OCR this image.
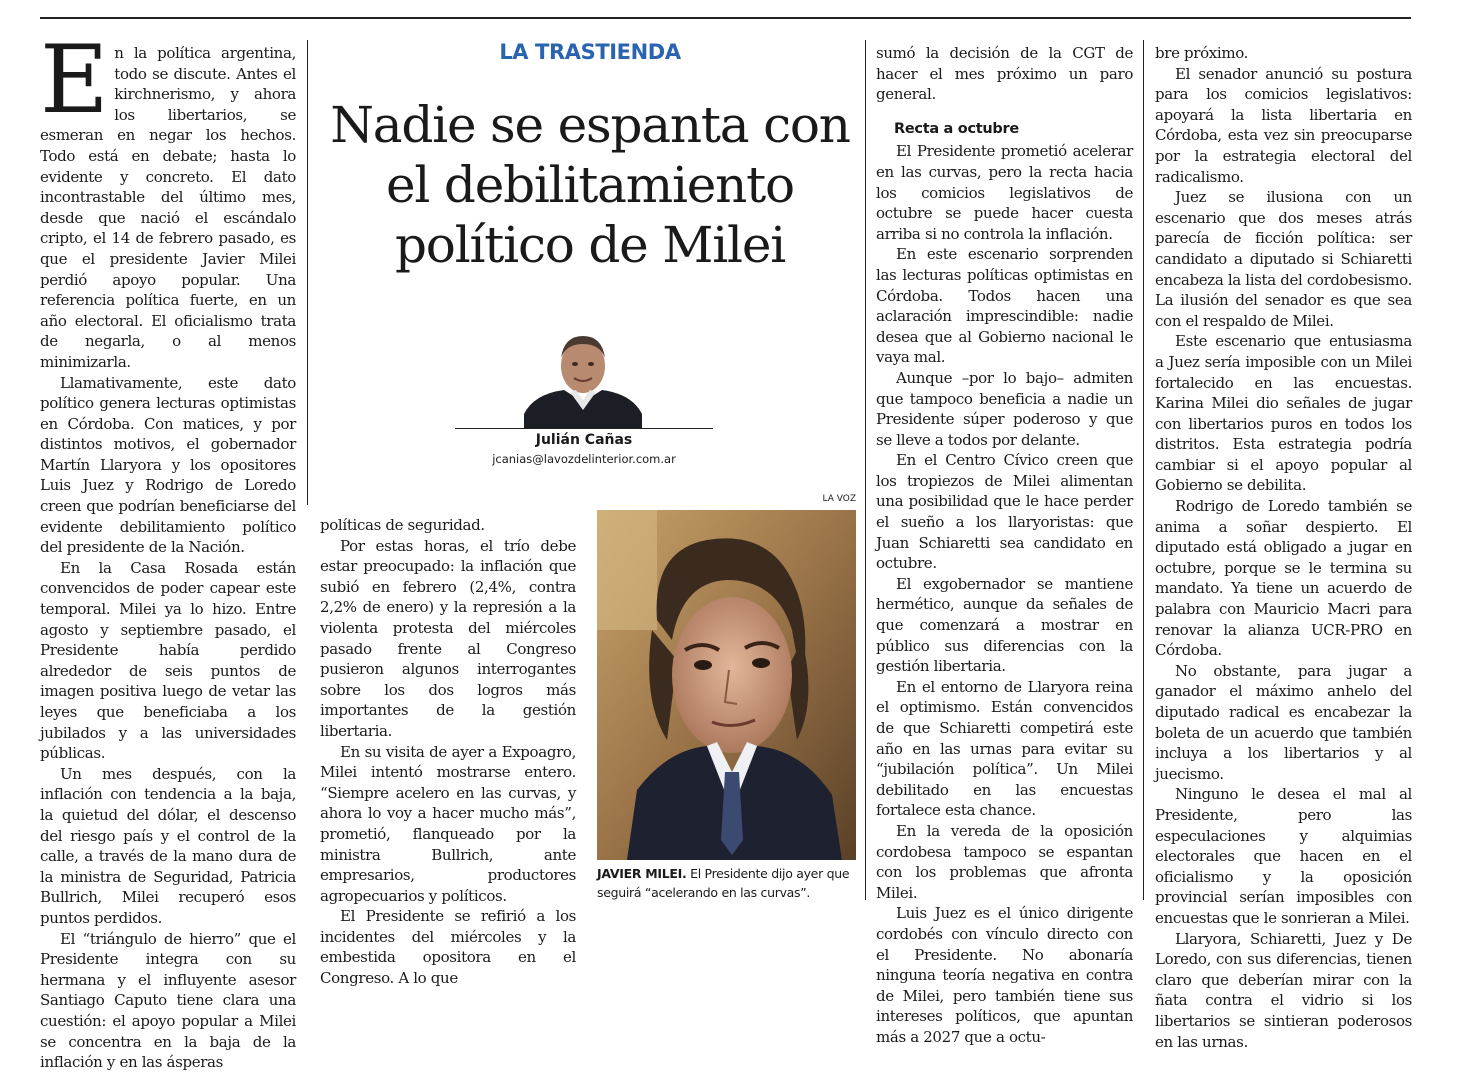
En la política argentina, todo se discute. Antes el kirchnerismo, y ahora los libertarios, se esmeran en negar los hechos. Todo está en debate; hasta lo evidente y concreto. El dato incontrastable del último mes, desde que nació el escándalo cripto, el 14 de febrero pasado, es que el presidente Javier Milei perdió apoyo popular. Una referencia política fuerte, en un año electoral. El oficialismo trata de negarla, o al menos minimizarla.

Llamativamente, este dato político genera lecturas optimistas en Córdoba. Con matices, y por distintos motivos, el gobernador Martín Llaryora y los opositores Luis Juez y Rodrigo de Loredo creen que podrían beneficiarse del evidente debilitamiento político del presidente de la Nación.

En la Casa Rosada están convencidos de poder capear este temporal. Milei ya lo hizo. Entre agosto y septiembre pasado, el Presidente había perdido alrededor de seis puntos de imagen positiva luego de vetar las leyes que beneficiaba a los jubilados y a las universidades públicas.

Un mes después, con la inflación con tendencia a la baja, la quietud del dólar, el descenso del riesgo país y el control de la calle, a través de la mano dura de la ministra de Seguridad, Patricia Bullrich, Milei recuperó esos puntos perdidos.

El “triángulo de hierro” que el Presidente integra con su hermana y el influyente asesor Santiago Caputo tiene clara una cuestión: el apoyo popular a Milei se concentra en la baja de la inflación y en las ásperas

LA TRASTIENDA
Nadie se espanta con el debilitamiento político de Milei
Julián Cañas
jcanias@lavozdelinterior.com.ar

políticas de seguridad.

Por estas horas, el trío debe estar preocupado: la inflación que subió en febrero (2,4%, contra 2,2% de enero) y la represión a la violenta protesta del miércoles pasado frente al Congreso pusieron algunos interrogantes sobre los dos logros más importantes de la gestión libertaria.

En su visita de ayer a Expoagro, Milei intentó mostrarse entero. “Siempre acelero en las curvas, y ahora lo voy a hacer mucho más”, prometió, flanqueado por la ministra Bullrich, ante empresarios, productores agropecuarios y políticos.

El Presidente se refirió a los incidentes del miércoles y la embestida opositora en el Congreso. A lo que

LA VOZ
JAVIER MILEI. El Presidente dijo ayer que seguirá “acelerando en las curvas”.

sumó la decisión de la CGT de hacer el mes próximo un paro general.

Recta a octubre

El Presidente prometió acelerar en las curvas, pero la recta hacia los comicios legislativos de octubre se puede hacer cuesta arriba si no controla la inflación.

En este escenario sorprenden las lecturas políticas optimistas en Córdoba. Todos hacen una aclaración imprescindible: nadie desea que al Gobierno nacional le vaya mal.

Aunque –por lo bajo– admiten que tampoco beneficia a nadie un Presidente súper poderoso y que se lleve a todos por delante.

En el Centro Cívico creen que los tropiezos de Milei alimentan una posibilidad que le hace perder el sueño a los llaryoristas: que Juan Schiaretti sea candidato en octubre.

El exgobernador se mantiene hermético, aunque da señales de que comenzará a mostrar en público sus diferencias con la gestión libertaria.

En el entorno de Llaryora reina el optimismo. Están convencidos de que Schiaretti competirá este año en las urnas para evitar su “jubilación política”. Un Milei debilitado en las encuestas fortalece esta chance.

En la vereda de la oposición cordobesa tampoco se espantan con los problemas que afronta Milei.

Luis Juez es el único dirigente cordobés con vínculo directo con el Presidente. No abonaría ninguna teoría negativa en contra de Milei, pero también tiene sus intereses políticos, que apuntan más a 2027 que a octu-

bre próximo.

El senador anunció su postura para los comicios legislativos: apoyará la lista libertaria en Córdoba, esta vez sin preocuparse por la estrategia electoral del radicalismo.

Juez se ilusiona con un escenario que dos meses atrás parecía de ficción política: ser candidato a diputado si Schiaretti encabeza la lista del cordobesismo. La ilusión del senador es que sea con el respaldo de Milei.

Este escenario que entusiasma a Juez sería imposible con un Milei fortalecido en las encuestas. Karina Milei dio señales de jugar con libertarios puros en todos los distritos. Esta estrategia podría cambiar si el apoyo popular al Gobierno se debilita.

Rodrigo de Loredo también se anima a soñar despierto. El diputado está obligado a jugar en octubre, porque se le termina su mandato. Ya tiene un acuerdo de palabra con Mauricio Macri para renovar la alianza UCR-PRO en Córdoba.

No obstante, para jugar a ganador el máximo anhelo del diputado radical es encabezar la boleta de un acuerdo que también incluya a los libertarios y al juecismo.

Ninguno le desea el mal al Presidente, pero las especulaciones y alquimias electorales que hacen en el oficialismo y la oposición provincial serían imposibles con encuestas que le sonrieran a Milei.

Llaryora, Schiaretti, Juez y De Loredo, con sus diferencias, tienen claro que deberían mirar con la ñata contra el vidrio si los libertarios se sintieran poderosos en las urnas.
